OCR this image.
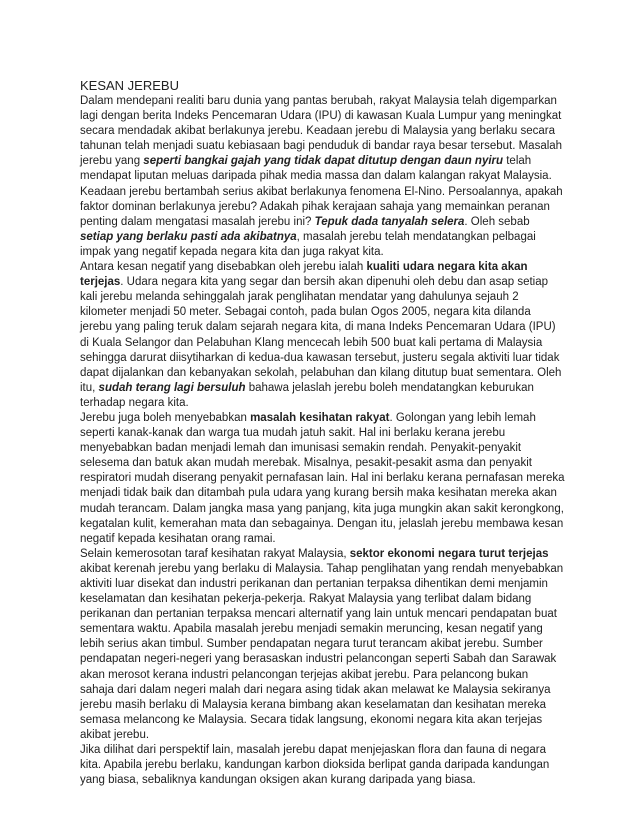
KESAN JEREBU

Dalam mendepani realiti baru dunia yang pantas berubah, rakyat Malaysia telah digemparkan lagi dengan berita Indeks Pencemaran Udara (IPU) di kawasan Kuala Lumpur yang meningkat secara mendadak akibat berlakunya jerebu. Keadaan jerebu di Malaysia yang berlaku secara tahunan telah menjadi suatu kebiasaan bagi penduduk di bandar raya besar tersebut. Masalah jerebu yang seperti bangkai gajah yang tidak dapat ditutup dengan daun nyiru telah mendapat liputan meluas daripada pihak media massa dan dalam kalangan rakyat Malaysia. Keadaan jerebu bertambah serius akibat berlakunya fenomena El-Nino. Persoalannya, apakah faktor dominan berlakunya jerebu? Adakah pihak kerajaan sahaja yang memainkan peranan penting dalam mengatasi masalah jerebu ini? Tepuk dada tanyalah selera. Oleh sebab setiap yang berlaku pasti ada akibatnya, masalah jerebu telah mendatangkan pelbagai impak yang negatif kepada negara kita dan juga rakyat kita.

Antara kesan negatif yang disebabkan oleh jerebu ialah kualiti udara negara kita akan terjejas. Udara negara kita yang segar dan bersih akan dipenuhi oleh debu dan asap setiap kali jerebu melanda sehinggalah jarak penglihatan mendatar yang dahulunya sejauh 2 kilometer menjadi 50 meter. Sebagai contoh, pada bulan Ogos 2005, negara kita dilanda jerebu yang paling teruk dalam sejarah negara kita, di mana Indeks Pencemaran Udara (IPU) di Kuala Selangor dan Pelabuhan Klang mencecah lebih 500 buat kali pertama di Malaysia sehingga darurat diisytiharkan di kedua-dua kawasan tersebut, justeru segala aktiviti luar tidak dapat dijalankan dan kebanyakan sekolah, pelabuhan dan kilang ditutup buat sementara. Oleh itu, sudah terang lagi bersuluh bahawa jelaslah jerebu boleh mendatangkan keburukan terhadap negara kita.

Jerebu juga boleh menyebabkan masalah kesihatan rakyat. Golongan yang lebih lemah seperti kanak-kanak dan warga tua mudah jatuh sakit. Hal ini berlaku kerana jerebu menyebabkan badan menjadi lemah dan imunisasi semakin rendah. Penyakit-penyakit selesema dan batuk akan mudah merebak. Misalnya, pesakit-pesakit asma dan penyakit respiratori mudah diserang penyakit pernafasan lain. Hal ini berlaku kerana pernafasan mereka menjadi tidak baik dan ditambah pula udara yang kurang bersih maka kesihatan mereka akan mudah terancam. Dalam jangka masa yang panjang, kita juga mungkin akan sakit kerongkong, kegatalan kulit, kemerahan mata dan sebagainya. Dengan itu, jelaslah jerebu membawa kesan negatif kepada kesihatan orang ramai.

Selain kemerosotan taraf kesihatan rakyat Malaysia, sektor ekonomi negara turut terjejas akibat kerenah jerebu yang berlaku di Malaysia. Tahap penglihatan yang rendah menyebabkan aktiviti luar disekat dan industri perikanan dan pertanian terpaksa dihentikan demi menjamin keselamatan dan kesihatan pekerja-pekerja. Rakyat Malaysia yang terlibat dalam bidang perikanan dan pertanian terpaksa mencari alternatif yang lain untuk mencari pendapatan buat sementara waktu. Apabila masalah jerebu menjadi semakin meruncing, kesan negatif yang lebih serius akan timbul. Sumber pendapatan negara turut terancam akibat jerebu. Sumber pendapatan negeri-negeri yang berasaskan industri pelancongan seperti Sabah dan Sarawak akan merosot kerana industri pelancongan terjejas akibat jerebu. Para pelancong bukan sahaja dari dalam negeri malah dari negara asing tidak akan melawat ke Malaysia sekiranya jerebu masih berlaku di Malaysia kerana bimbang akan keselamatan dan kesihatan mereka semasa melancong ke Malaysia. Secara tidak langsung, ekonomi negara kita akan terjejas akibat jerebu.

Jika dilihat dari perspektif lain, masalah jerebu dapat menjejaskan flora dan fauna di negara kita. Apabila jerebu berlaku, kandungan karbon dioksida berlipat ganda daripada kandungan yang biasa, sebaliknya kandungan oksigen akan kurang daripada yang biasa.
